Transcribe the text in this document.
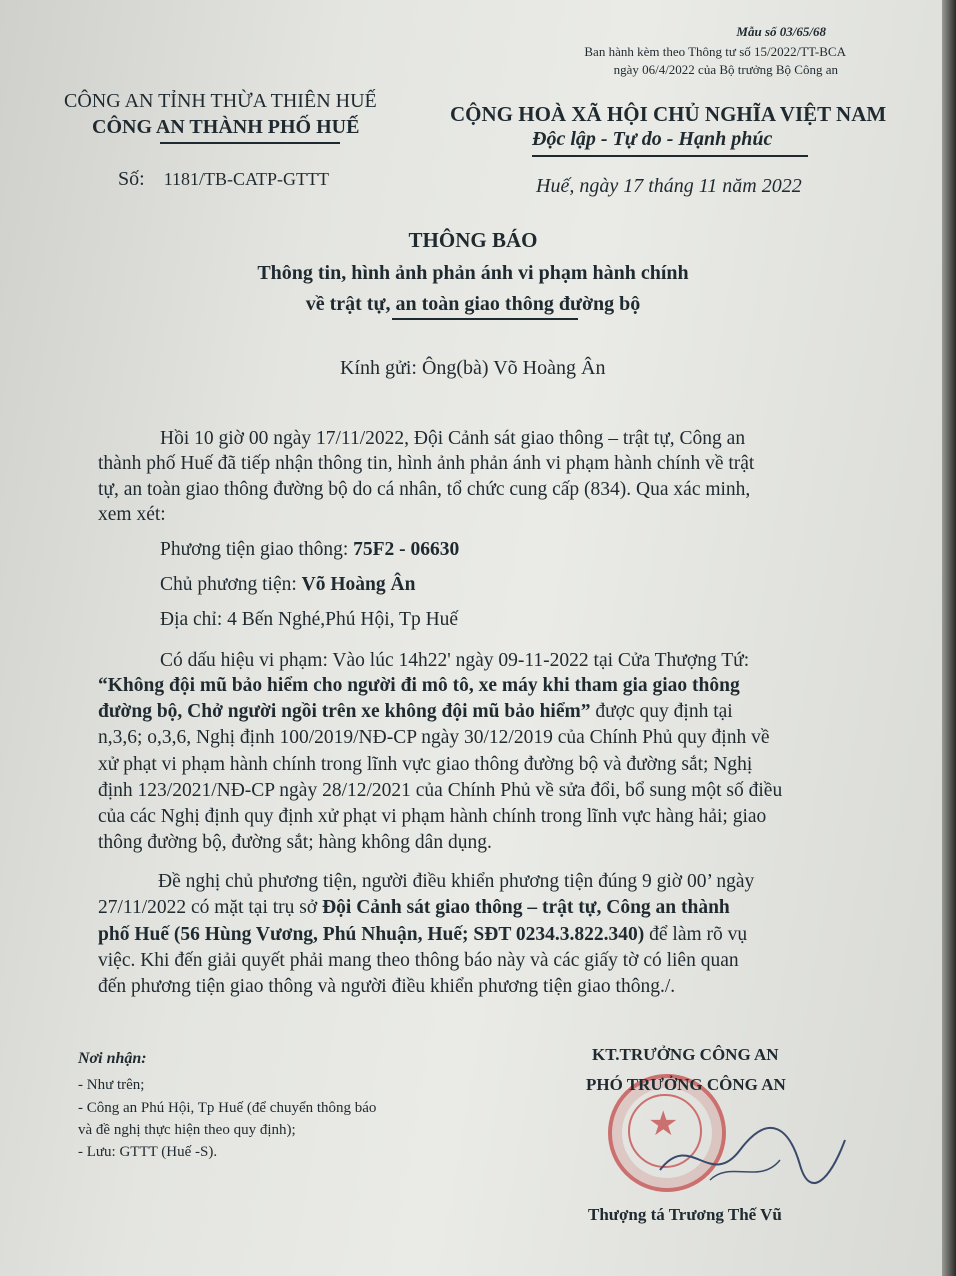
Mẫu số 03/65/68
Ban hành kèm theo Thông tư số 15/2022/TT-BCA
ngày 06/4/2022 của Bộ trưởng Bộ Công an
CÔNG AN TỈNH THỪA THIÊN HUẾ
CÔNG AN THÀNH PHỐ HUẾ
CỘNG HOÀ XÃ HỘI CHỦ NGHĨA VIỆT NAM
Độc lập - Tự do - Hạnh phúc
Số: 1181/TB-CATP-GTTT	Huế, ngày 17 tháng 11 năm 2022
THÔNG BÁO
Thông tin, hình ảnh phản ánh vi phạm hành chính
về trật tự, an toàn giao thông đường bộ
Kính gửi: Ông(bà) Võ Hoàng Ân
Hồi 10 giờ 00 ngày 17/11/2022, Đội Cảnh sát giao thông – trật tự, Công an
thành phố Huế đã tiếp nhận thông tin, hình ảnh phản ánh vi phạm hành chính về trật
tự, an toàn giao thông đường bộ do cá nhân, tổ chức cung cấp (834). Qua xác minh,
xem xét:
Phương tiện giao thông: 75F2 - 06630
Chủ phương tiện: Võ Hoàng Ân
Địa chỉ: 4 Bến Nghé,Phú Hội, Tp Huế
Có dấu hiệu vi phạm: Vào lúc 14h22' ngày 09-11-2022 tại Cửa Thượng Tứ:
“Không đội mũ bảo hiểm cho người đi mô tô, xe máy khi tham gia giao thông
đường bộ, Chở người ngồi trên xe không đội mũ bảo hiểm” được quy định tại
n,3,6; o,3,6, Nghị định 100/2019/NĐ-CP ngày 30/12/2019 của Chính Phủ quy định về
xử phạt vi phạm hành chính trong lĩnh vực giao thông đường bộ và đường sắt; Nghị
định 123/2021/NĐ-CP ngày 28/12/2021 của Chính Phủ về sửa đổi, bổ sung một số điều
của các Nghị định quy định xử phạt vi phạm hành chính trong lĩnh vực hàng hải; giao
thông đường bộ, đường sắt; hàng không dân dụng.
Đề nghị chủ phương tiện, người điều khiển phương tiện đúng 9 giờ 00’ ngày
27/11/2022 có mặt tại trụ sở Đội Cảnh sát giao thông – trật tự, Công an thành
phố Huế (56 Hùng Vương, Phú Nhuận, Huế; SĐT 0234.3.822.340) để làm rõ vụ
việc. Khi đến giải quyết phải mang theo thông báo này và các giấy tờ có liên quan
đến phương tiện giao thông và người điều khiển phương tiện giao thông./.
Nơi nhận:
- Như trên;
- Công an Phú Hội, Tp Huế (để chuyển thông báo
và đề nghị thực hiện theo quy định);
- Lưu: GTTT (Huế -S).
★
KT.TRƯỞNG CÔNG AN
PHÓ TRƯỞNG CÔNG AN
Thượng tá Trương Thế Vũ
